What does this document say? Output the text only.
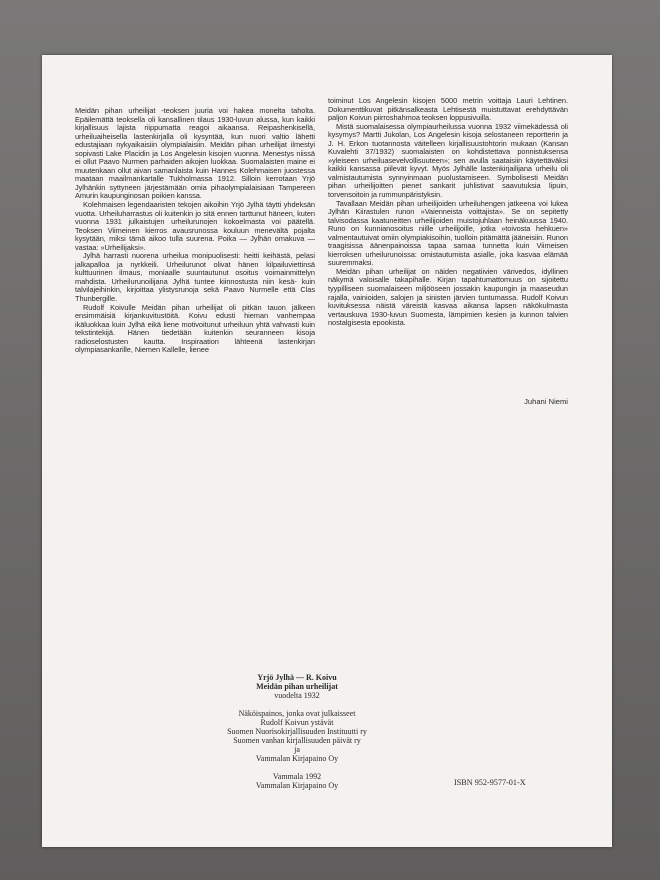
Meidän pihan urheilijat -teoksen juuria voi hakea monelta taholta. Epäilemättä teoksella oli kansallinen tilaus 1930-luvun alussa, kun kaikki kirjallisuus lajista riippumatta reagoi aikaansa. Reipashenkisellä, urheiluaiheisella lastenkirjalla oli kysyntää, kun nuori valtio lähetti edustajiaan nykyaikaisiin olympialaisiin. Meidän pihan urheilijat ilmestyi sopivasti Lake Placidin ja Los Angelesin kisojen vuonna. Menestys niissä ei ollut Paavo Nurmen parhaiden aikojen luokkaa. Suomalaisten maine ei muutenkaan ollut aivan samanlaista kuin Hannes Kolehmaisen juostessa maataan maailmankartalle Tukholmassa 1912. Silloin kerrotaan Yrjö Jylhänkin syttyneen järjestämään omia pihaolympialaisiaan Tampereen Amurin kaupunginosan poikien kanssa.

Kolehmaisen legendaaristen tekojen aikoihin Yrjö Jylhä täytti yhdeksän vuotta. Urheiluharrastus oli kuitenkin jo sitä ennen tarttunut häneen, kuten vuonna 1931 julkaistujen urheilurunojen kokoelmasta voi päätellä. Teoksen Viimeinen kierros avausrunossa kouluun menevältä pojalta kysytään, miksi tämä aikoo tulla suurena. Poika — Jylhän omakuva — vastaa: »Urheilijaksi».

Jylhä harrasti nuorena urheilua monipuolisesti: heitti keihästä, pelasi jalkapalloa ja nyrkkeili. Urheilurunot olivat hänen kilpailuviettinsä kulttuurinen ilmaus, moniaalle suuntautunut osoitus voimainmittelyn mahdista. Urheilurunoilijana Jylhä tuntee kiinnostusta niin kesä- kuin talvilajeihinkin, kirjoittaa ylistysrunoja sekä Paavo Nurmelle että Clas Thunbergille.

Rudolf Koivulle Meidän pihan urheilijat oli pitkän tauon jälkeen ensimmäisiä kirjankuvitustöitä. Koivu edusti hieman vanhempaa ikäluokkaa kuin Jylhä eikä liene motivoitunut urheiluun yhtä vahvasti kuin tekstintekijä. Hänen tiedetään kuitenkin seuranneen kisoja radioselostusten kautta. Inspiraation lähteenä lastenkirjan olympiasankarille, Niemen Kallelle, lienee

toiminut Los Angelesin kisojen 5000 metrin voittaja Lauri Lehtinen. Dokumenttikuvat pitkänsalkeasta Lehtisestä muistuttavat erehdyttävän paljon Koivun piirroshahmoa teoksen loppusivuilla.

Mistä suomalaisessa olympiaurheilussa vuonna 1932 viimekädessä oli kysymys? Martti Jukolan, Los Angelesin kisoja selostaneen reportterin ja J. H. Erkon tuotannosta väitelleen kirjallisuustohtorin mukaan (Kansan Kuvalehti 37/1932) suomalaisten on kohdistettava ponnistuksensa »yleiseen urheiluasevelvollisuuteen»; sen avulla saataisiin käytettäväksi kaikki kansassa piilevät kyvyt. Myös Jylhälle lastenkirjailijana urheilu oli valmistautumista synnyinmaan puolustamiseen. Symbolisesti Meidän pihan urheilijoitten pienet sankarit juhlistivat saavutuksia lipuin, torvensoitoin ja rummunpäristyksin.

Tavallaan Meidän pihan urheilijoiden urheiluhengen jatkeena voi lukea Jylhän Kiirastulen runon »Vaienneista voittajista». Se on sepitetty talvisodassa kaatuneitten urheilijoiden muistojuhlaan heinäkuussa 1940. Runo on kunnianosoitus niille urheilijoille, jotka »toivosta hehkuen» valmentautuivat omiin olympiakisoihin, tuolloin pitämättä jääneisiin. Runon traagisissa äänenpainoissa tapaa samaa tunnetta kuin Viimeisen kierroksen urheilurunoissa: omistautumista asialle, joka kasvaa elämää suuremmaksi.

Meidän pihan urheilijat on näiden negatiivien värivedos, idyllinen näkymä valoisalle takapihalle. Kirjan tapahtumattomuus on sijoitettu tyypilliseen suomalaiseen miljööseen jossakin kaupungin ja maaseudun rajalla, vainioiden, salojen ja sinisten järvien tuntumassa. Rudolf Koivun kuvituksessa näistä väreistä kasvaa aikansa lapsen näkökulmasta vertauskuva 1930-luvun Suomesta, lämpimien kesien ja kunnon talvien nostalgisesta epookista.

Juhani Niemi
Yrjö Jylhä — R. Koivu
Meidän pihan urheilijat
vuodelta 1932
Näköispainos, jonka ovat julkaisseet
Rudolf Koivun ystävät
Suomen Nuorisokirjallisuuden Instituutti ry
Suomen vanhan kirjallisuuden päivät ry
ja
Vammalan Kirjapaino Oy
Vammala 1992
Vammalan Kirjapaino Oy	ISBN 952-9577-01-X
